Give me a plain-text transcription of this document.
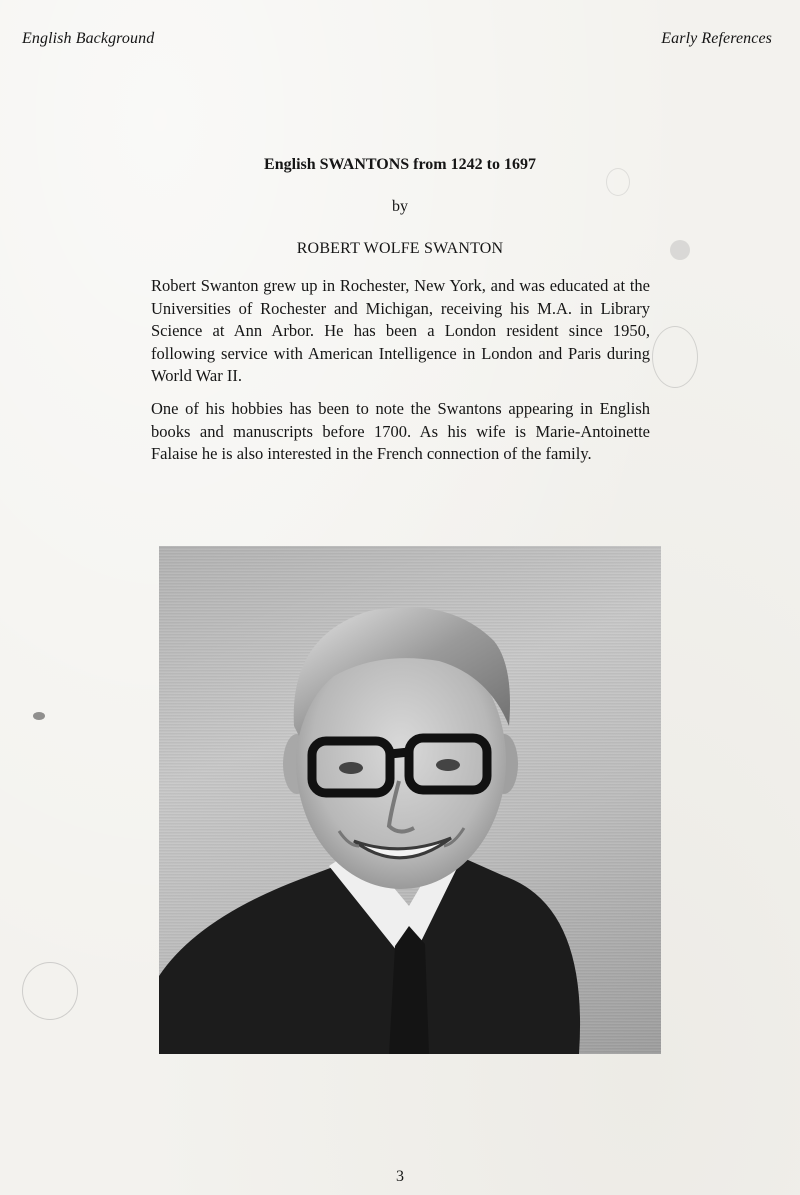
English Background	Early References
English SWANTONS from 1242 to 1697
by
ROBERT WOLFE SWANTON

Robert Swanton grew up in Rochester, New York, and was educated at the Universities of Rochester and Michigan, receiving his M.A. in Library Science at Ann Arbor. He has been a London resident since 1950, following service with American Intelligence in London and Paris during World War II.

One of his hobbies has been to note the Swantons appearing in English books and manuscripts before 1700. As his wife is Marie-Antoinette Falaise he is also interested in the French connection of the family.

3
